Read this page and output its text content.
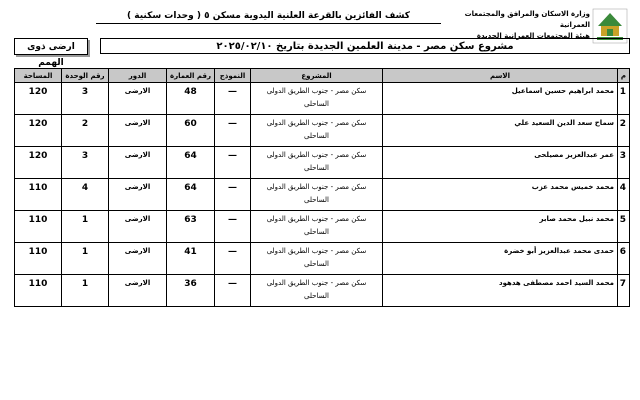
وزارة الاسكان والمرافق والمجتمعات العمرانية
هيئة المجتمعات العمرانية الجديدة
كشف الفائزين بالقرعة العلنية اليدوية مسكن ٥ ( وحدات سكنية )
مشروع سكن مصر - مدينة العلمين الجديدة بتاريخ ٢٠٢٥/٠٢/١٠
ارضى ذوى الهمم
م	الاسم	المشروع	النموذج	رقم العمارة	الدور	رقم الوحدة	المساحة
1	محمد ابراهيم حسين اسماعيل	سكن مصر - جنوب الطريق الدولى
الساحلى	—	48	الارضى	3	120
2	سماح سعد الدين السعيد علي	سكن مصر - جنوب الطريق الدولى
الساحلى	—	60	الارضى	2	120
3	عمر عبدالعزيز مصيلحى	سكن مصر - جنوب الطريق الدولى
الساحلى	—	64	الارضى	3	120
4	محمد خميس محمد عزب	سكن مصر - جنوب الطريق الدولى
الساحلى	—	64	الارضى	4	110
5	محمد نبيل محمد صابر	سكن مصر - جنوب الطريق الدولى
الساحلى	—	63	الارضى	1	110
6	حمدى محمد عبدالعزيز أبو خضرة	سكن مصر - جنوب الطريق الدولى
الساحلى	—	41	الارضى	1	110
7	محمد السيد احمد مصطفى هدهود	سكن مصر - جنوب الطريق الدولى
الساحلى	—	36	الارضى	1	110
